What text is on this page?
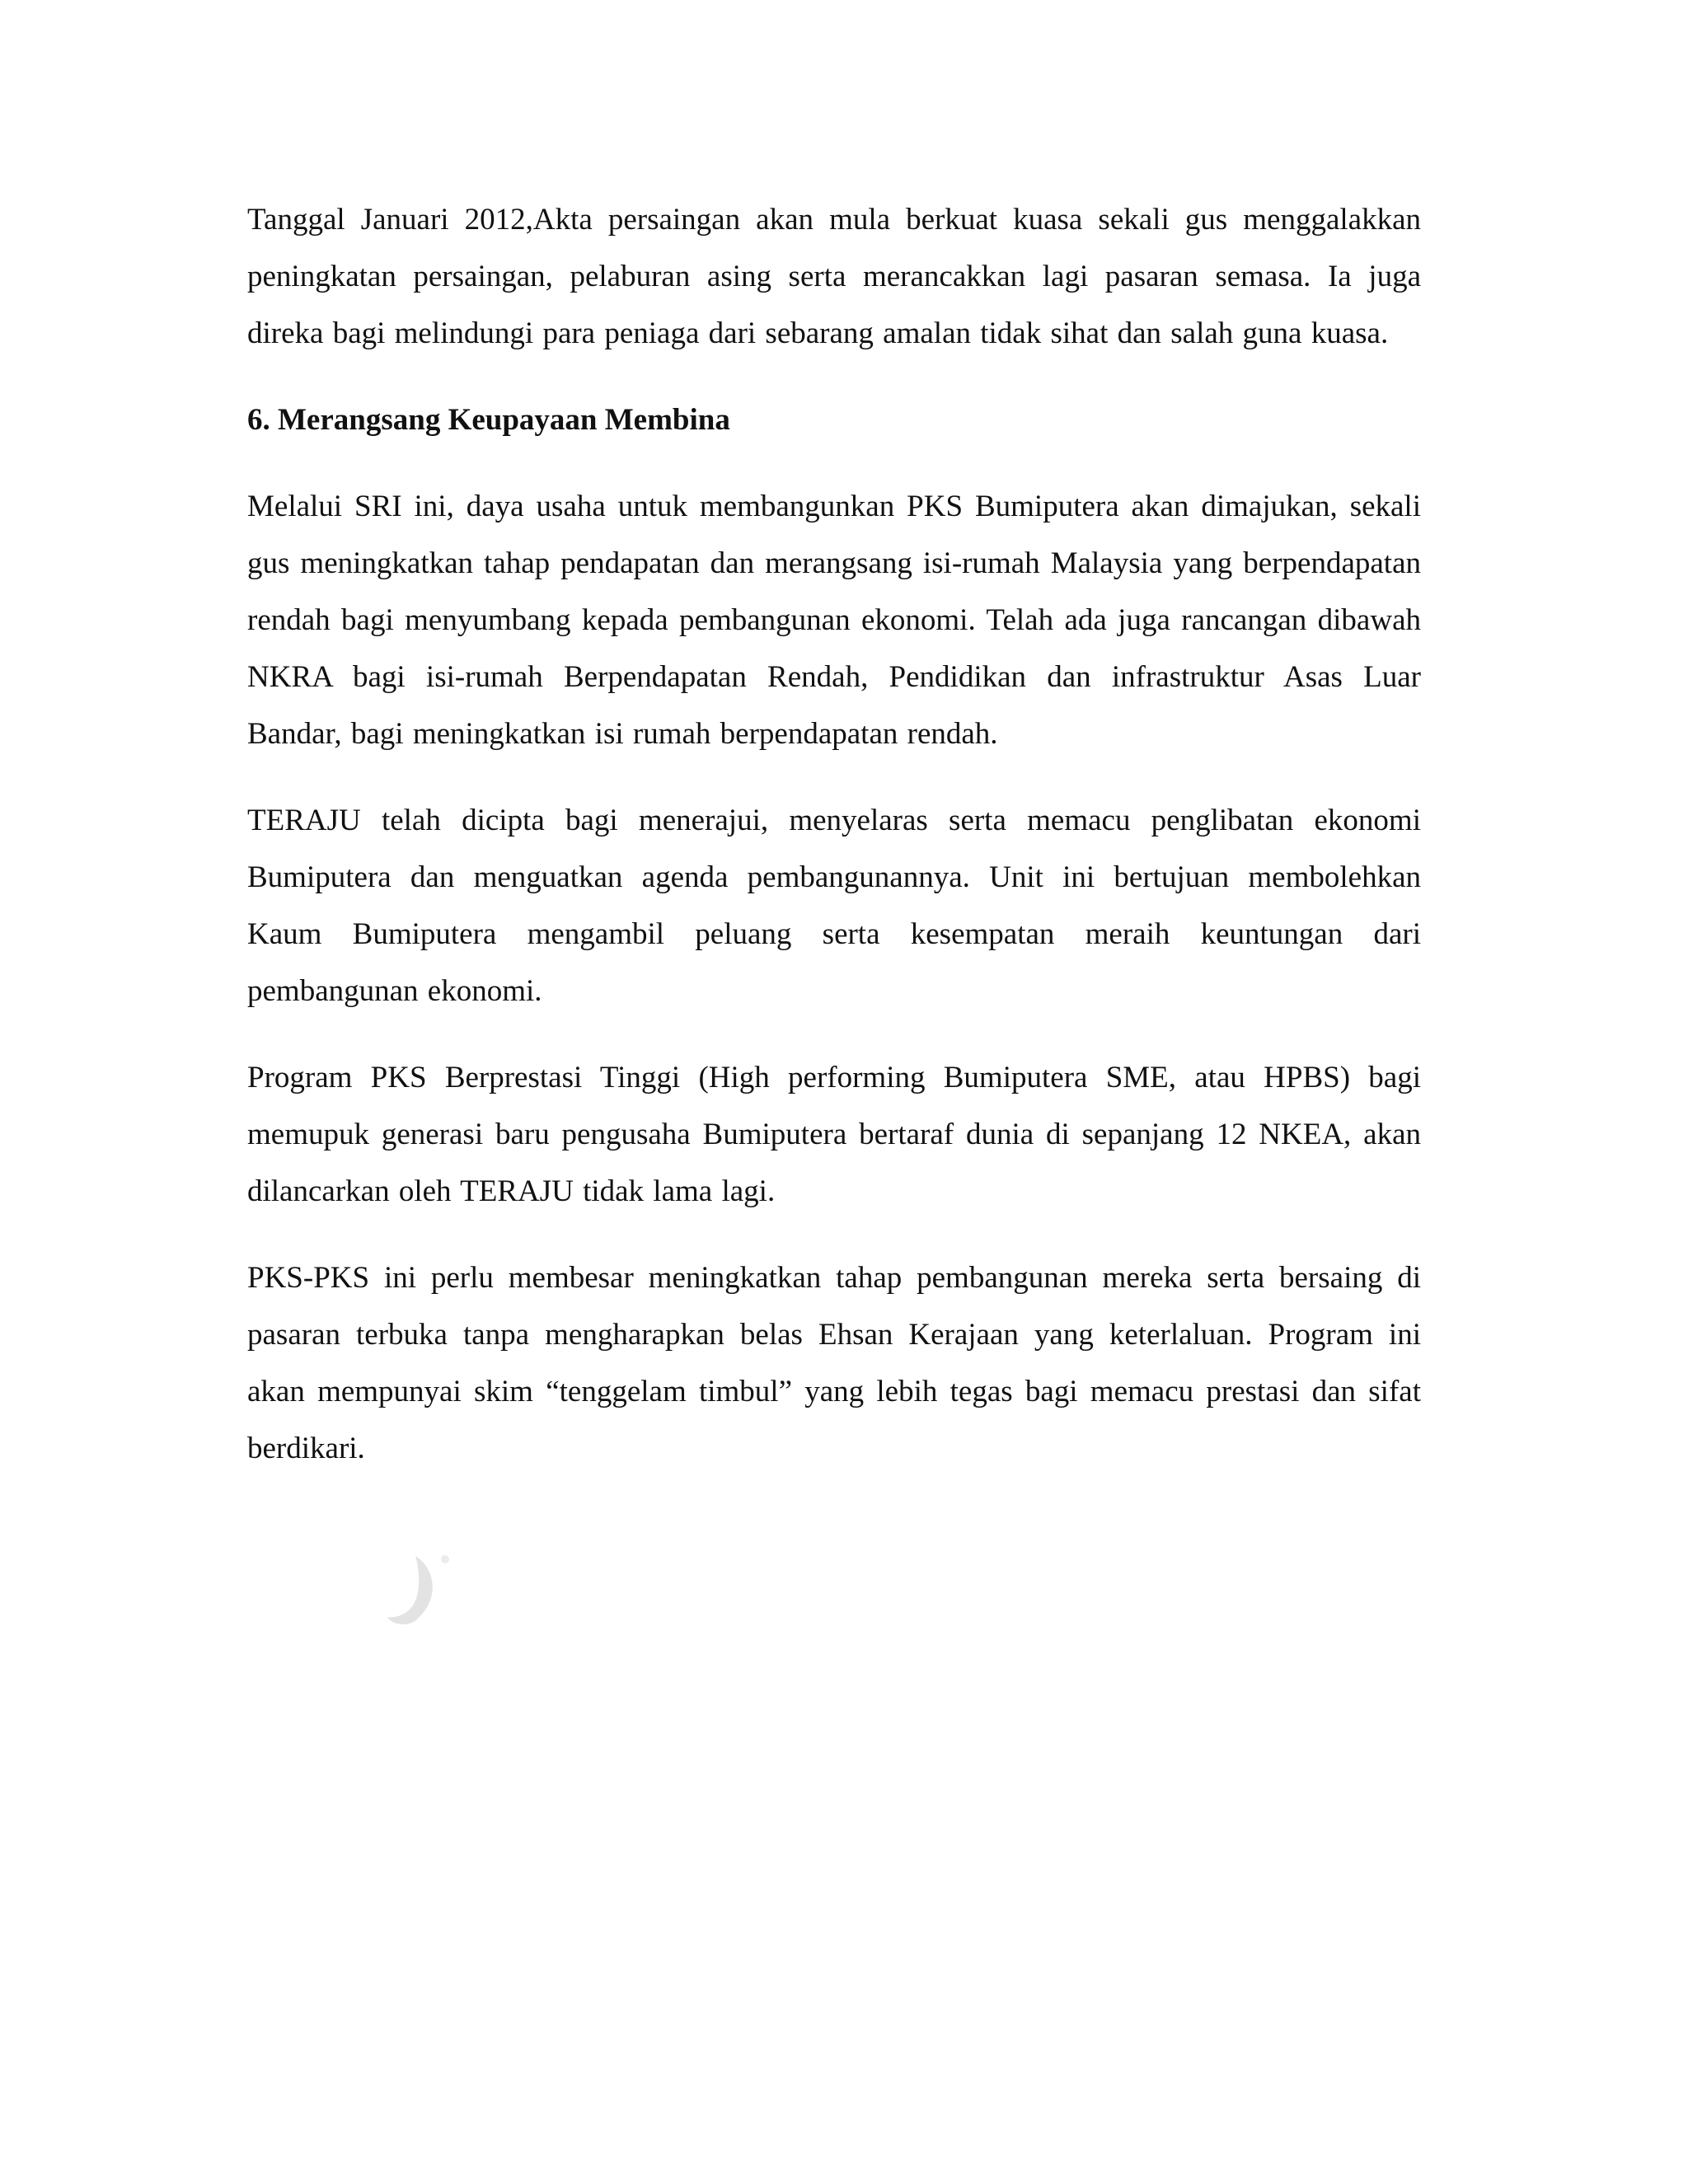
Tanggal Januari 2012,Akta persaingan akan mula berkuat kuasa sekali gus menggalakkan peningkatan persaingan, pelaburan asing serta merancakkan lagi pasaran semasa. Ia juga direka bagi melindungi para peniaga dari sebarang amalan tidak sihat dan salah guna kuasa.

6. Merangsang Keupayaan Membina

Melalui SRI ini, daya usaha untuk membangunkan PKS Bumiputera akan dimajukan, sekali gus meningkatkan tahap pendapatan dan merangsang isi-rumah Malaysia yang berpendapatan rendah bagi menyumbang kepada pembangunan ekonomi. Telah ada juga rancangan dibawah NKRA bagi isi-rumah Berpendapatan Rendah, Pendidikan dan infrastruktur Asas Luar Bandar, bagi meningkatkan isi rumah berpendapatan rendah.

TERAJU telah dicipta bagi menerajui, menyelaras serta memacu penglibatan ekonomi Bumiputera dan menguatkan agenda pembangunannya. Unit ini bertujuan membolehkan Kaum Bumiputera mengambil peluang serta kesempatan meraih keuntungan dari pembangunan ekonomi.

Program PKS Berprestasi Tinggi (High performing Bumiputera SME, atau HPBS) bagi memupuk generasi baru pengusaha Bumiputera bertaraf dunia di sepanjang 12 NKEA, akan dilancarkan oleh TERAJU tidak lama lagi.

PKS-PKS ini perlu membesar meningkatkan tahap pembangunan mereka serta bersaing di pasaran terbuka tanpa mengharapkan belas Ehsan Kerajaan yang keterlaluan. Program ini akan mempunyai skim “tenggelam timbul” yang lebih tegas bagi memacu prestasi dan sifat berdikari.
